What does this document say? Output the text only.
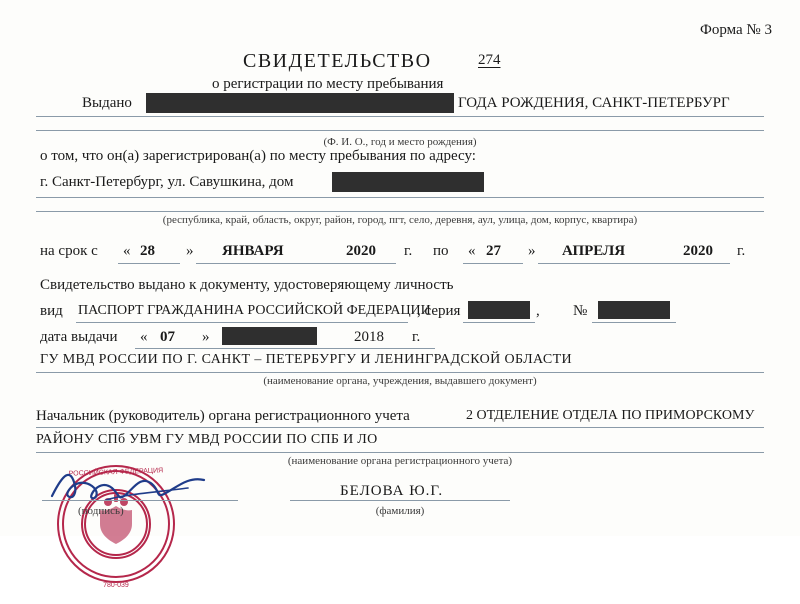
Форма № 3
СВИДЕТЕЛЬСТВО	274
о регистрации по месту пребывания
Выдано	ГОДА РОЖДЕНИЯ, САНКТ-ПЕТЕРБУРГ
(Ф. И. О., год и место рождения)
о том, что он(а) зарегистрирован(а) по месту пребывания по адресу:
г. Санкт-Петербург, ул. Савушкина, дом
(республика, край, область, округ, район, город, пгт, село, деревня, аул, улица, дом, корпус, квартира)
на срок с « 28 » ЯНВАРЯ	2020 г. по « 27 » АПРЕЛЯ	2020 г.
Свидетельство выдано к документу, удостоверяющему личность
вид ПАСПОРТ ГРАЖДАНИНА РОССИЙСКОЙ ФЕДЕРАЦИИ
, серия	, №
дата выдачи « 07 »	2018 г.
ГУ МВД РОССИИ ПО Г. САНКТ – ПЕТЕРБУРГУ И ЛЕНИНГРАДСКОЙ ОБЛАСТИ
(наименование органа, учреждения, выдавшего документ)
Начальник (руководитель) органа регистрационного учета	2 ОТДЕЛЕНИЕ ОТДЕЛА ПО ПРИМОРСКОМУ
РАЙОНУ СПб УВМ ГУ МВД РОССИИ ПО СПБ И ЛО
(наименование органа регистрационного учета)
РОССИЙСКАЯ ФЕДЕРАЦИЯ
780-039
(подпись)
БЕЛОВА Ю.Г.
(фамилия)
